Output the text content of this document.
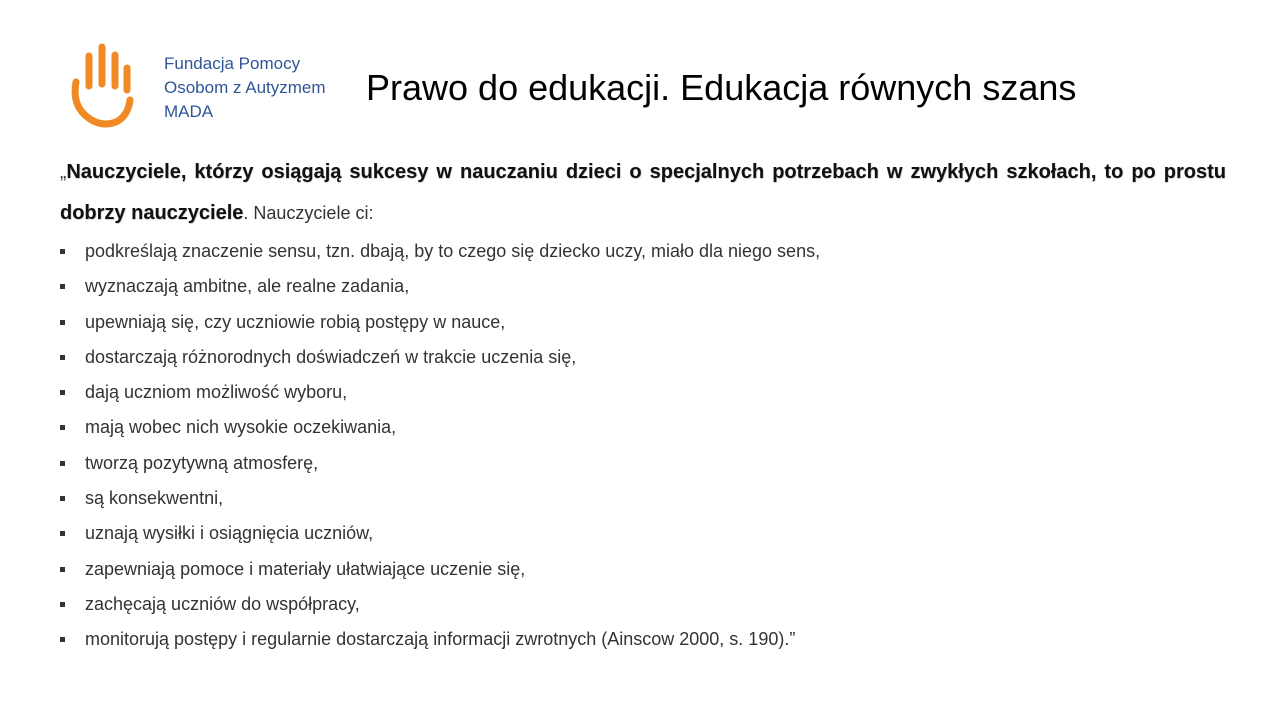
Fundacja Pomocy
Osobom z Autyzmem
MADA
Prawo do edukacji. Edukacja równych szans

„Nauczyciele, którzy osiągają sukcesy w nauczaniu dzieci o specjalnych potrzebach w zwykłych szkołach, to po prostu dobrzy nauczyciele. Nauczyciele ci:

podkreślają znaczenie sensu, tzn. dbają, by to czego się dziecko uczy, miało dla niego sens,
wyznaczają ambitne, ale realne zadania,
upewniają się, czy uczniowie robią postępy w nauce,
dostarczają różnorodnych doświadczeń w trakcie uczenia się,
dają uczniom możliwość wyboru,
mają wobec nich wysokie oczekiwania,
tworzą pozytywną atmosferę,
są konsekwentni,
uznają wysiłki i osiągnięcia uczniów,
zapewniają pomoce i materiały ułatwiające uczenie się,
zachęcają uczniów do współpracy,
monitorują postępy i regularnie dostarczają informacji zwrotnych (Ainscow 2000, s. 190).”
